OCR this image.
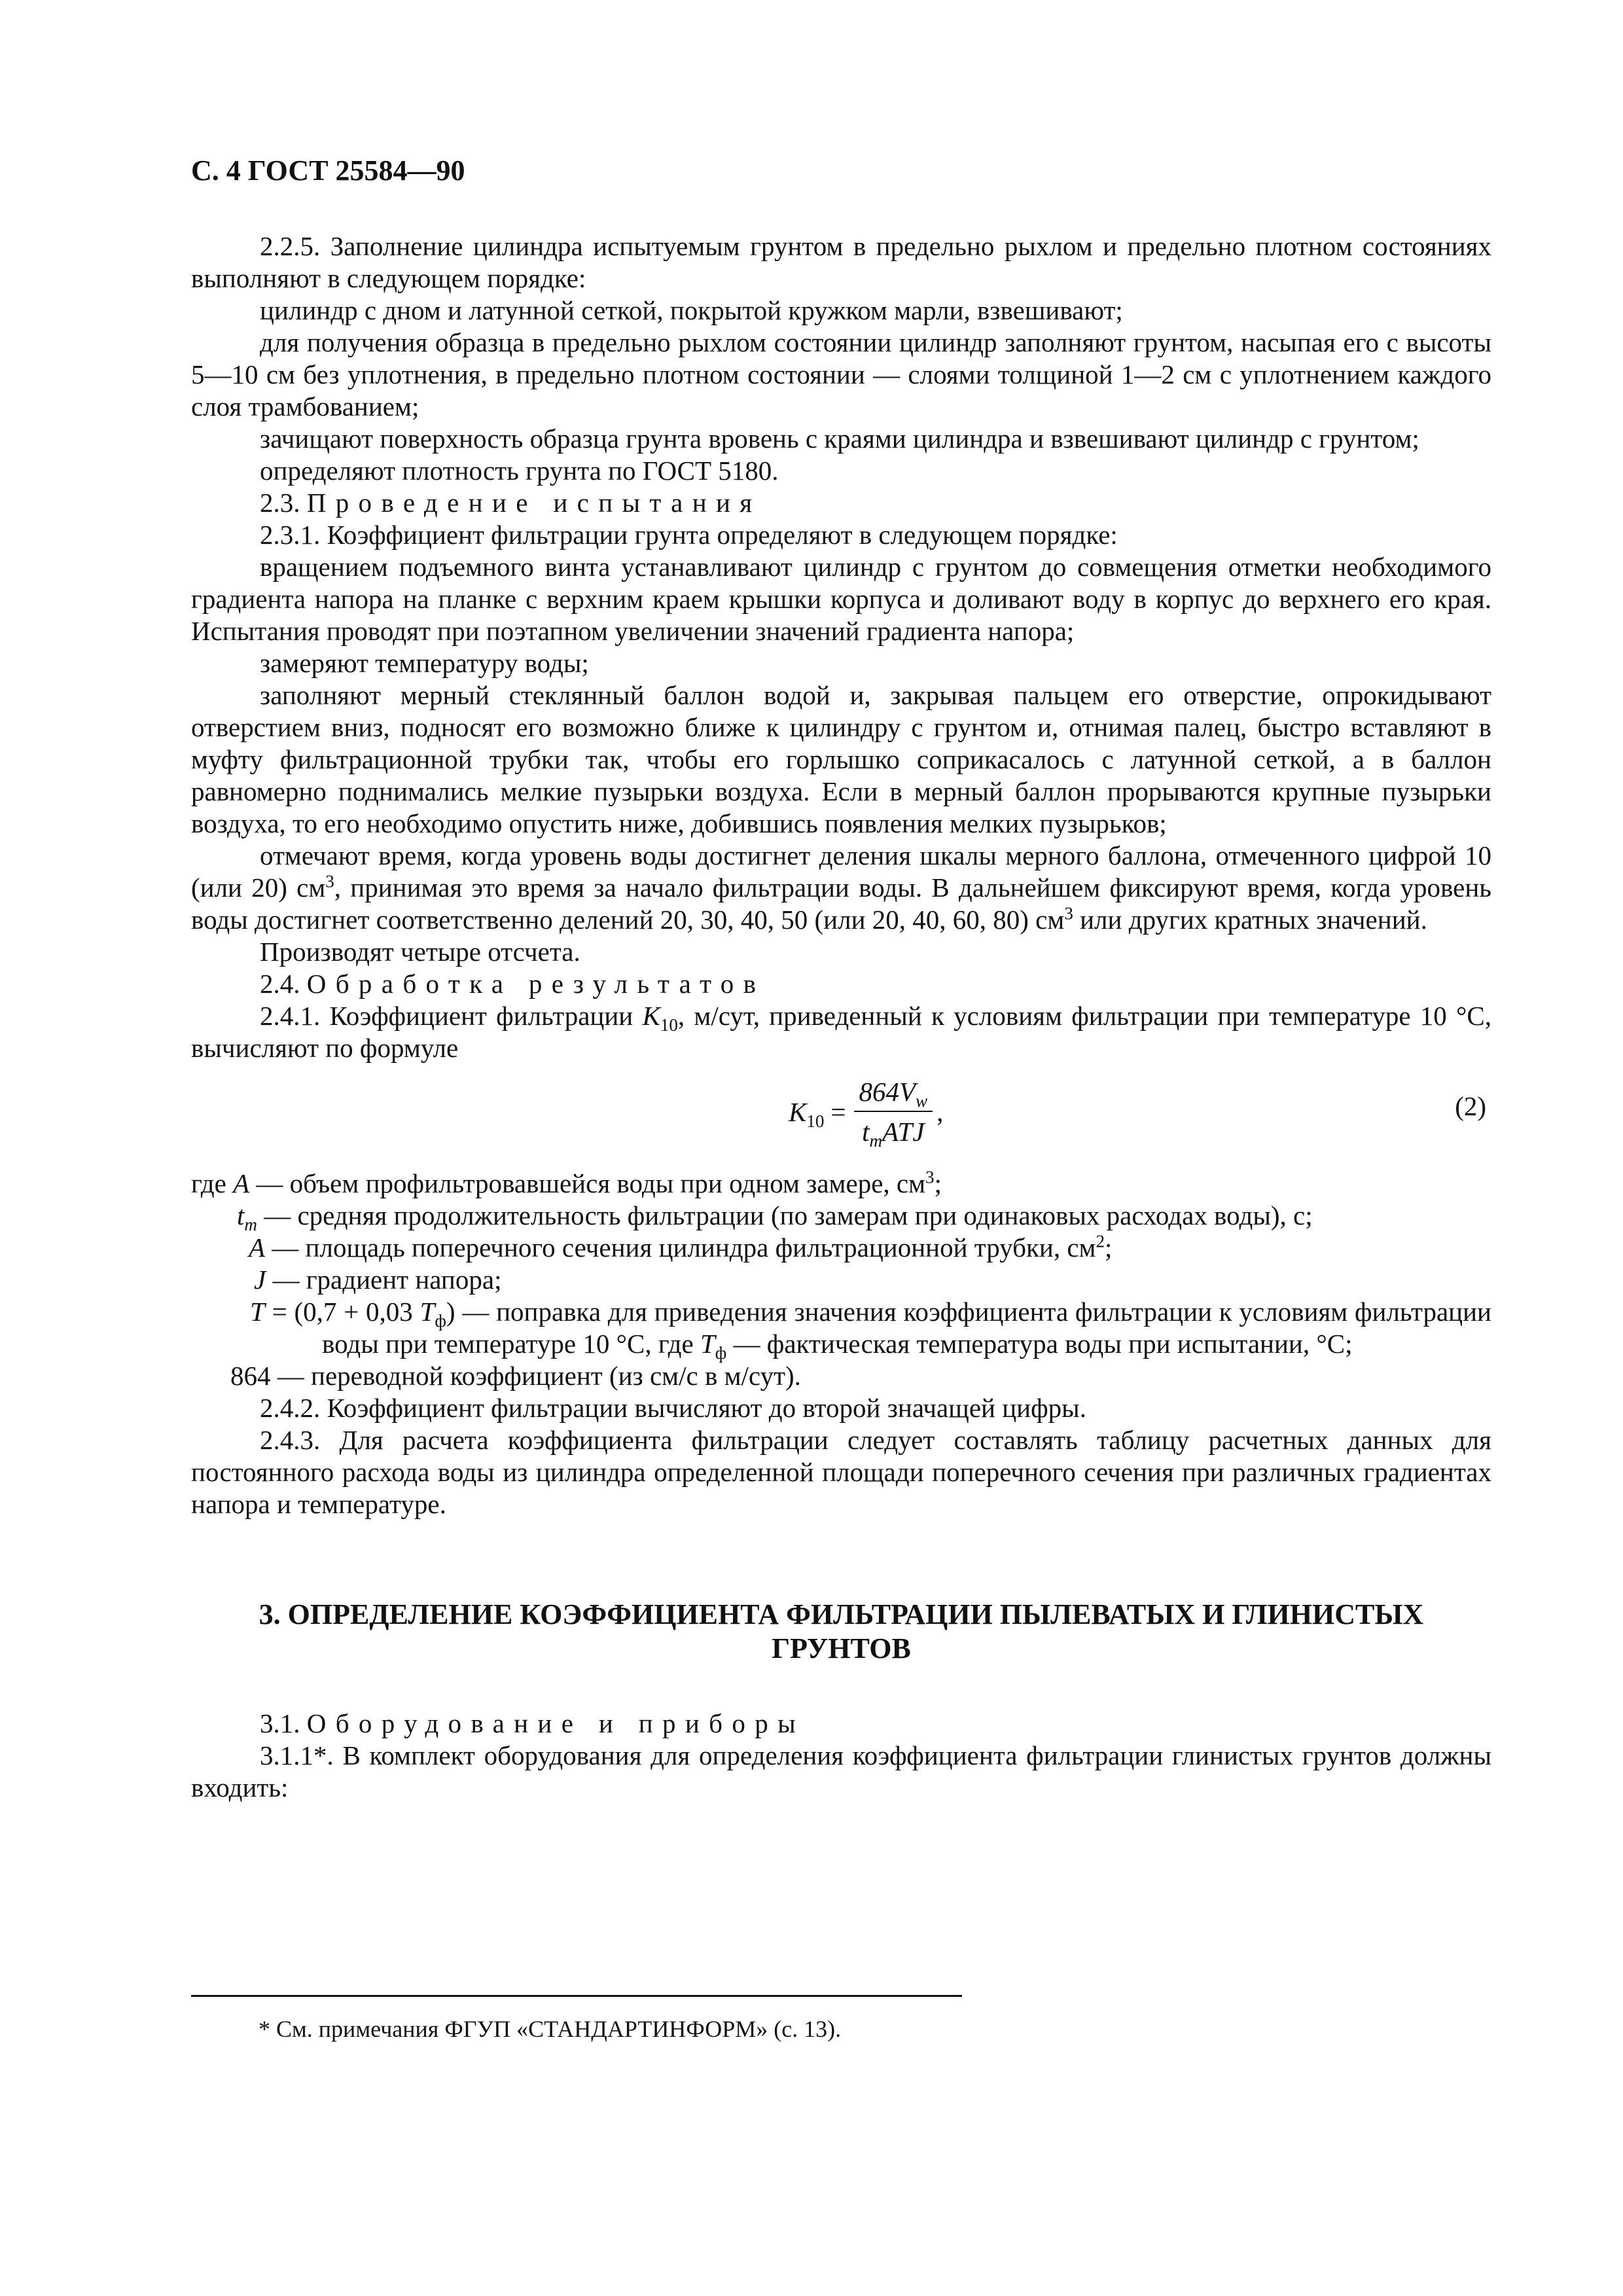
С. 4 ГОСТ 25584—90

2.2.5. Заполнение цилиндра испытуемым грунтом в предельно рыхлом и предельно плотном состояниях выполняют в следующем порядке:

цилиндр с дном и латунной сеткой, покрытой кружком марли, взвешивают;

для получения образца в предельно рыхлом состоянии цилиндр заполняют грунтом, насыпая его с высоты 5—10 см без уплотнения, в предельно плотном состоянии — слоями толщиной 1—2 см с уплотнением каждого слоя трамбованием;

зачищают поверхность образца грунта вровень с краями цилиндра и взвешивают цилиндр с грунтом;

определяют плотность грунта по ГОСТ 5180.

2.3. Проведение испытания

2.3.1. Коэффициент фильтрации грунта определяют в следующем порядке:

вращением подъемного винта устанавливают цилиндр с грунтом до совмещения отметки необходимого градиента напора на планке с верхним краем крышки корпуса и доливают воду в корпус до верхнего его края. Испытания проводят при поэтапном увеличении значений градиента напора;

замеряют температуру воды;

заполняют мерный стеклянный баллон водой и, закрывая пальцем его отверстие, опрокидывают отверстием вниз, подносят его возможно ближе к цилиндру с грунтом и, отнимая палец, быстро вставляют в муфту фильтрационной трубки так, чтобы его горлышко соприкасалось с латунной сеткой, а в баллон равномерно поднимались мелкие пузырьки воздуха. Если в мерный баллон прорываются крупные пузырьки воздуха, то его необходимо опустить ниже, добившись появления мелких пузырьков;

отмечают время, когда уровень воды достигнет деления шкалы мерного баллона, отмеченного цифрой 10 (или 20) $см^3$, принимая это время за начало фильтрации воды. В дальнейшем фиксируют время, когда уровень воды достигнет соответственно делений 20, 30, 40, 50 (или 20, 40, 60, 80) $см^3$ или других кратных значений.

Производят четыре отсчета.

2.4. Обработка результатов

2.4.1. Коэффициент фильтрации $K_{10}$, м/сут, приведенный к условиям фильтрации при температуре 10 °С, вычисляют по формуле

$K_{10} = \frac{864V_w}{t_mATJ}$ ,	(2)

где A — объем профильтровавшейся воды при одном замере, $см^3$;

$t_m$ — средняя продолжительность фильтрации (по замерам при одинаковых расходах воды), с;

A — площадь поперечного сечения цилиндра фильтрационной трубки, $см^2$;

J — градиент напора;

T = (0,7 + 0,03 $T_ф$) — поправка для приведения значения коэффициента фильтрации к условиям фильтрации воды при температуре 10 °С, где $T_ф$ — фактическая температура воды при испытании, °С;

864 — переводной коэффициент (из см/с в м/сут).

2.4.2. Коэффициент фильтрации вычисляют до второй значащей цифры.

2.4.3. Для расчета коэффициента фильтрации следует составлять таблицу расчетных данных для постоянного расхода воды из цилиндра определенной площади поперечного сечения при различных градиентах напора и температуре.

3. ОПРЕДЕЛЕНИЕ КОЭФФИЦИЕНТА ФИЛЬТРАЦИИ ПЫЛЕВАТЫХ И ГЛИНИСТЫХ
ГРУНТОВ

3.1. Оборудование и приборы

3.1.1*. В комплект оборудования для определения коэффициента фильтрации глинистых грунтов должны входить:

* См. примечания ФГУП «СТАНДАРТИНФОРМ» (с. 13).
